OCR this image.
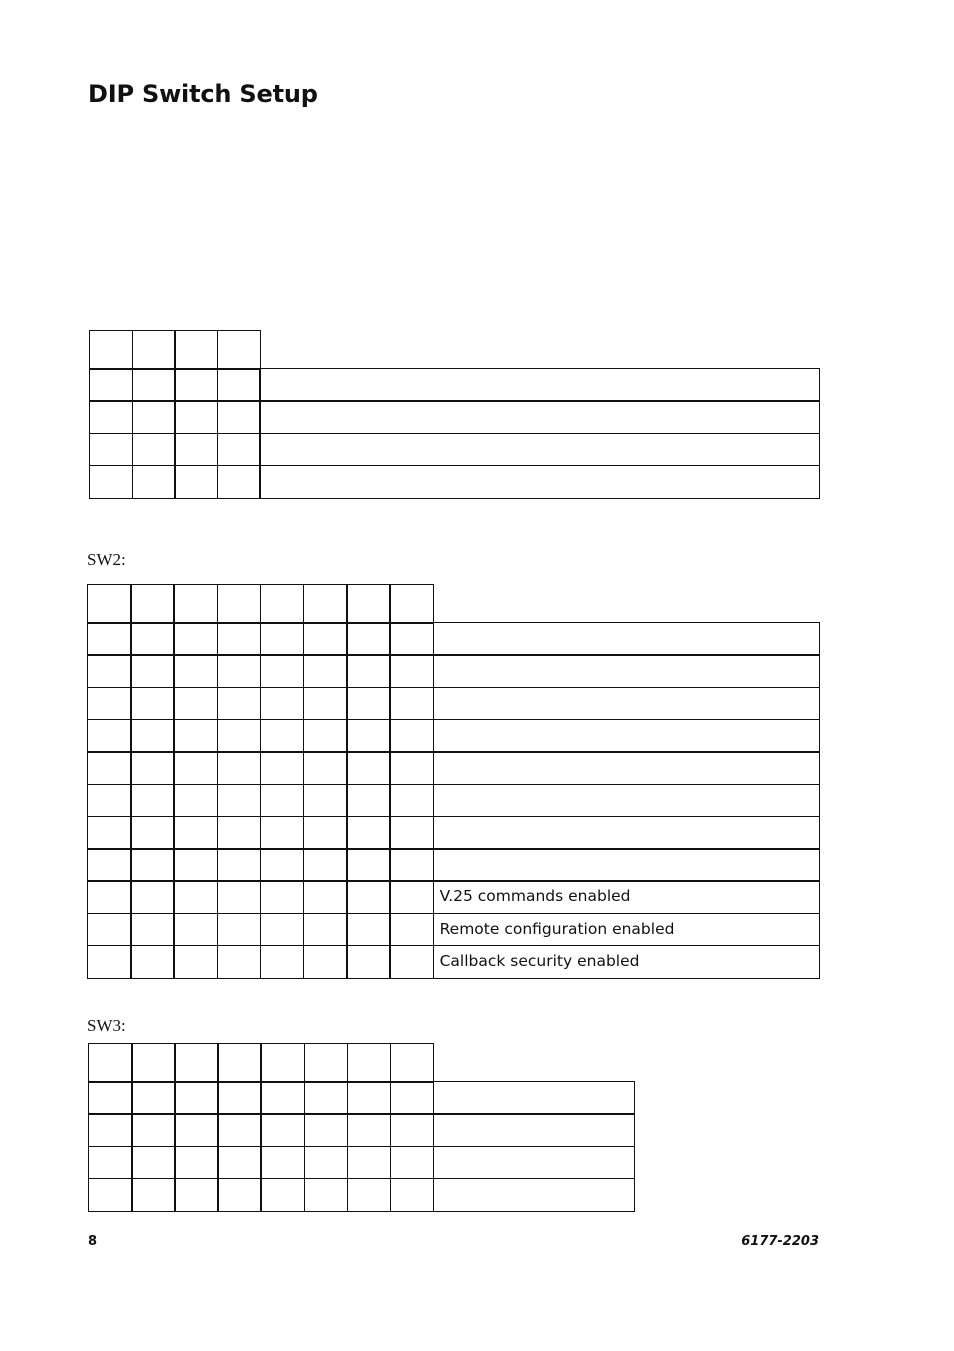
DIP Switch Setup
SW2:
SW3:
V.25 commands enabled
Remote configuration enabled
Callback security enabled
8	6177-2203
